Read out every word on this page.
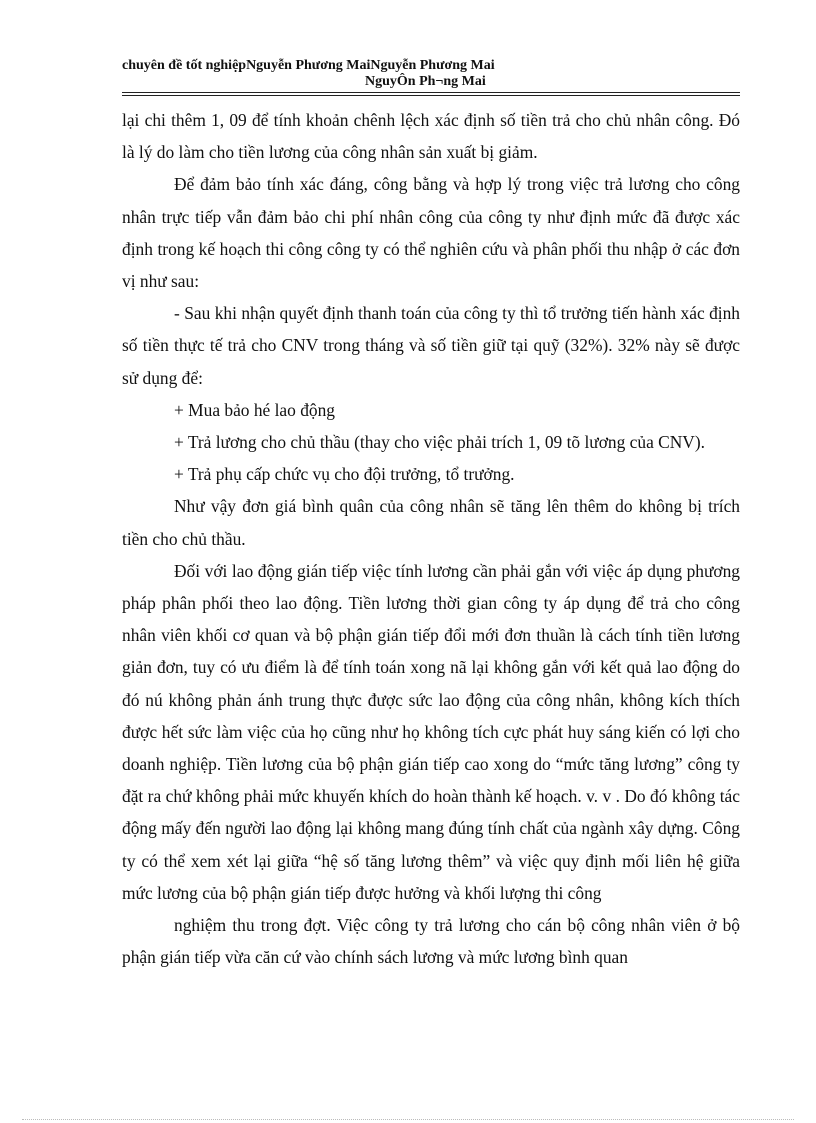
chuyên đề tốt nghiệpNguyễn Phương MaiNguyễn Phương Mai
NguyÔn Ph¬ng Mai

lại chi thêm 1, 09 để tính khoản chênh lệch xác định số tiền trả cho chủ nhân công. Đó là lý do làm cho tiền lương của công nhân sản xuất bị giảm.

Để đảm bảo tính xác đáng, công bằng và hợp lý trong việc trả lương cho công nhân trực tiếp vẫn đảm bảo chi phí nhân công của công ty như định mức đã được xác định trong kế hoạch thi công công ty có thể nghiên cứu và phân phối thu nhập ở các đơn vị như sau:

- Sau khi nhận quyết định thanh toán của công ty thì tổ trưởng tiến hành xác định số tiền thực tế trả cho CNV trong tháng và số tiền giữ tại quỹ (32%). 32% này sẽ được sử dụng để:

+ Mua bảo hé lao động

+ Trả lương cho chủ thầu (thay cho việc phải trích 1, 09 tõ lương của CNV).

+ Trả phụ cấp chức vụ cho đội trưởng, tổ trưởng.

Như vậy đơn giá bình quân của công nhân sẽ tăng lên thêm do không bị trích tiền cho chủ thầu.

Đối với lao động gián tiếp việc tính lương cần phải gắn với việc áp dụng phương pháp phân phối theo lao động. Tiền lương thời gian công ty áp dụng để trả cho công nhân viên khối cơ quan và bộ phận gián tiếp đổi mới đơn thuần là cách tính tiền lương giản đơn, tuy có ưu điểm là để tính toán xong nã lại không gắn với kết quả lao động do đó nú không phản ánh trung thực được sức lao động của công nhân, không kích thích được hết sức làm việc của họ cũng như họ không tích cực phát huy sáng kiến có lợi cho doanh nghiệp. Tiền lương của bộ phận gián tiếp cao xong do “mức tăng lương” công ty đặt ra chứ không phải mức khuyến khích do hoàn thành kế hoạch. v. v . Do đó không tác động mấy đến người lao động lại không mang đúng tính chất của ngành xây dựng. Công ty có thể xem xét lại giữa “hệ số tăng lương thêm” và việc quy định mối liên hệ giữa mức lương của bộ phận gián tiếp được hưởng và khối lượng thi công

nghiệm thu trong đợt. Việc công ty trả lương cho cán bộ công nhân viên ở bộ phận gián tiếp vừa căn cứ vào chính sách lương và mức lương bình quan
